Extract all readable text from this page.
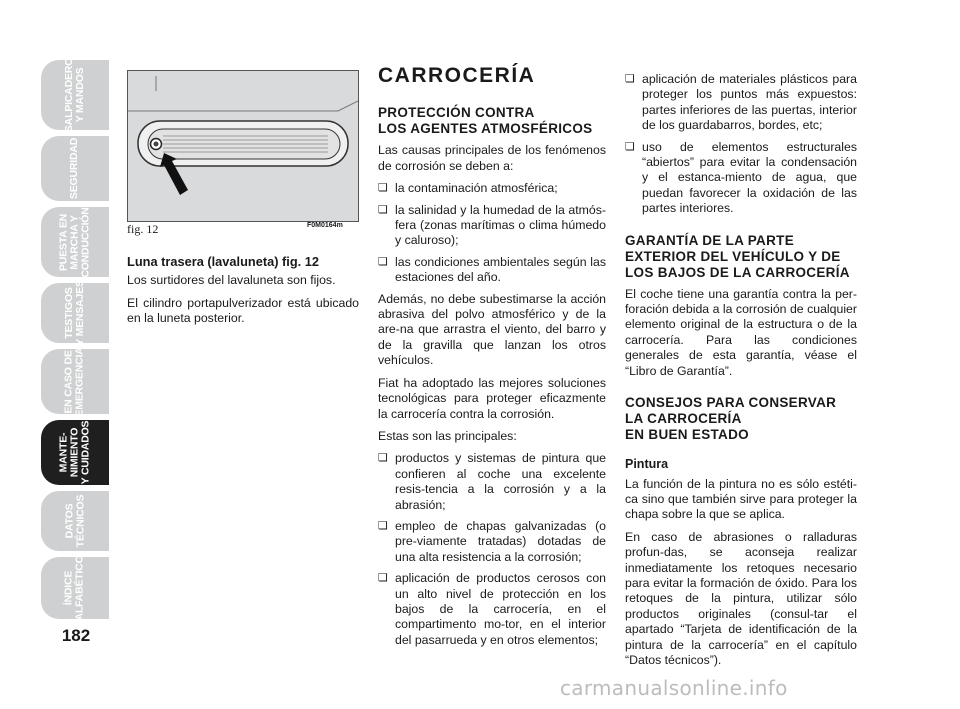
SALPICADERO
Y MANDOS
SEGURIDAD
PUESTA EN
MARCHA Y
CONDUCCIÓN
TESTIGOS
Y MENSAJES
EN CASO DE
EMERGENCIA
MANTE-
NIMIENTO
Y CUIDADOS
DATOS
TÉCNICOS
ÍNDICE
ALFABÉTICO
182
fig. 12	F0M0164m
Luna trasera (lavaluneta) fig. 12

Los surtidores del lavaluneta son fijos.

El cilindro portapulverizador está ubicado en la luneta posterior.

CARROCERÍA
PROTECCIÓN CONTRA
LOS AGENTES ATMOSFÉRICOS

Las causas principales de los fenómenos de corrosión se deben a:

❏ la contaminación atmosférica;
❏ la salinidad y la humedad de la atmós-fera (zonas marítimas o clima húmedo y caluroso);
❏ las condiciones ambientales según las estaciones del año.

Además, no debe subestimarse la acción abrasiva del polvo atmosférico y de la are-na que arrastra el viento, del barro y de la gravilla que lanzan los otros vehículos.

Fiat ha adoptado las mejores soluciones tecnológicas para proteger eficazmente la carrocería contra la corrosión.

Estas son las principales:

❏ productos y sistemas de pintura que confieren al coche una excelente resis-tencia a la corrosión y a la abrasión;
❏ empleo de chapas galvanizadas (o pre-viamente tratadas) dotadas de una alta resistencia a la corrosión;
❏ aplicación de productos cerosos con un alto nivel de protección en los bajos de la carrocería, en el compartimento mo-tor, en el interior del pasarrueda y en otros elementos;
❏ aplicación de materiales plásticos para proteger los puntos más expuestos: partes inferiores de las puertas, interior de los guardabarros, bordes, etc;
❏ uso de elementos estructurales “abiertos” para evitar la condensación y el estanca-miento de agua, que puedan favorecer la oxidación de las partes interiores.
GARANTÍA DE LA PARTE
EXTERIOR DEL VEHÍCULO Y DE
LOS BAJOS DE LA CARROCERÍA

El coche tiene una garantía contra la per-foración debida a la corrosión de cualquier elemento original de la estructura o de la carrocería. Para las condiciones generales de esta garantía, véase el “Libro de Garantía”.

CONSEJOS PARA CONSERVAR
LA CARROCERÍA
EN BUEN ESTADO
Pintura

La función de la pintura no es sólo estéti-ca sino que también sirve para proteger la chapa sobre la que se aplica.

En caso de abrasiones o ralladuras profun-das, se aconseja realizar inmediatamente los retoques necesario para evitar la formación de óxido. Para los retoques de la pintura, utilizar sólo productos originales (consul-tar el apartado “Tarjeta de identificación de la pintura de la carrocería” en el capítulo “Datos técnicos”).

carmanualsonline.info
